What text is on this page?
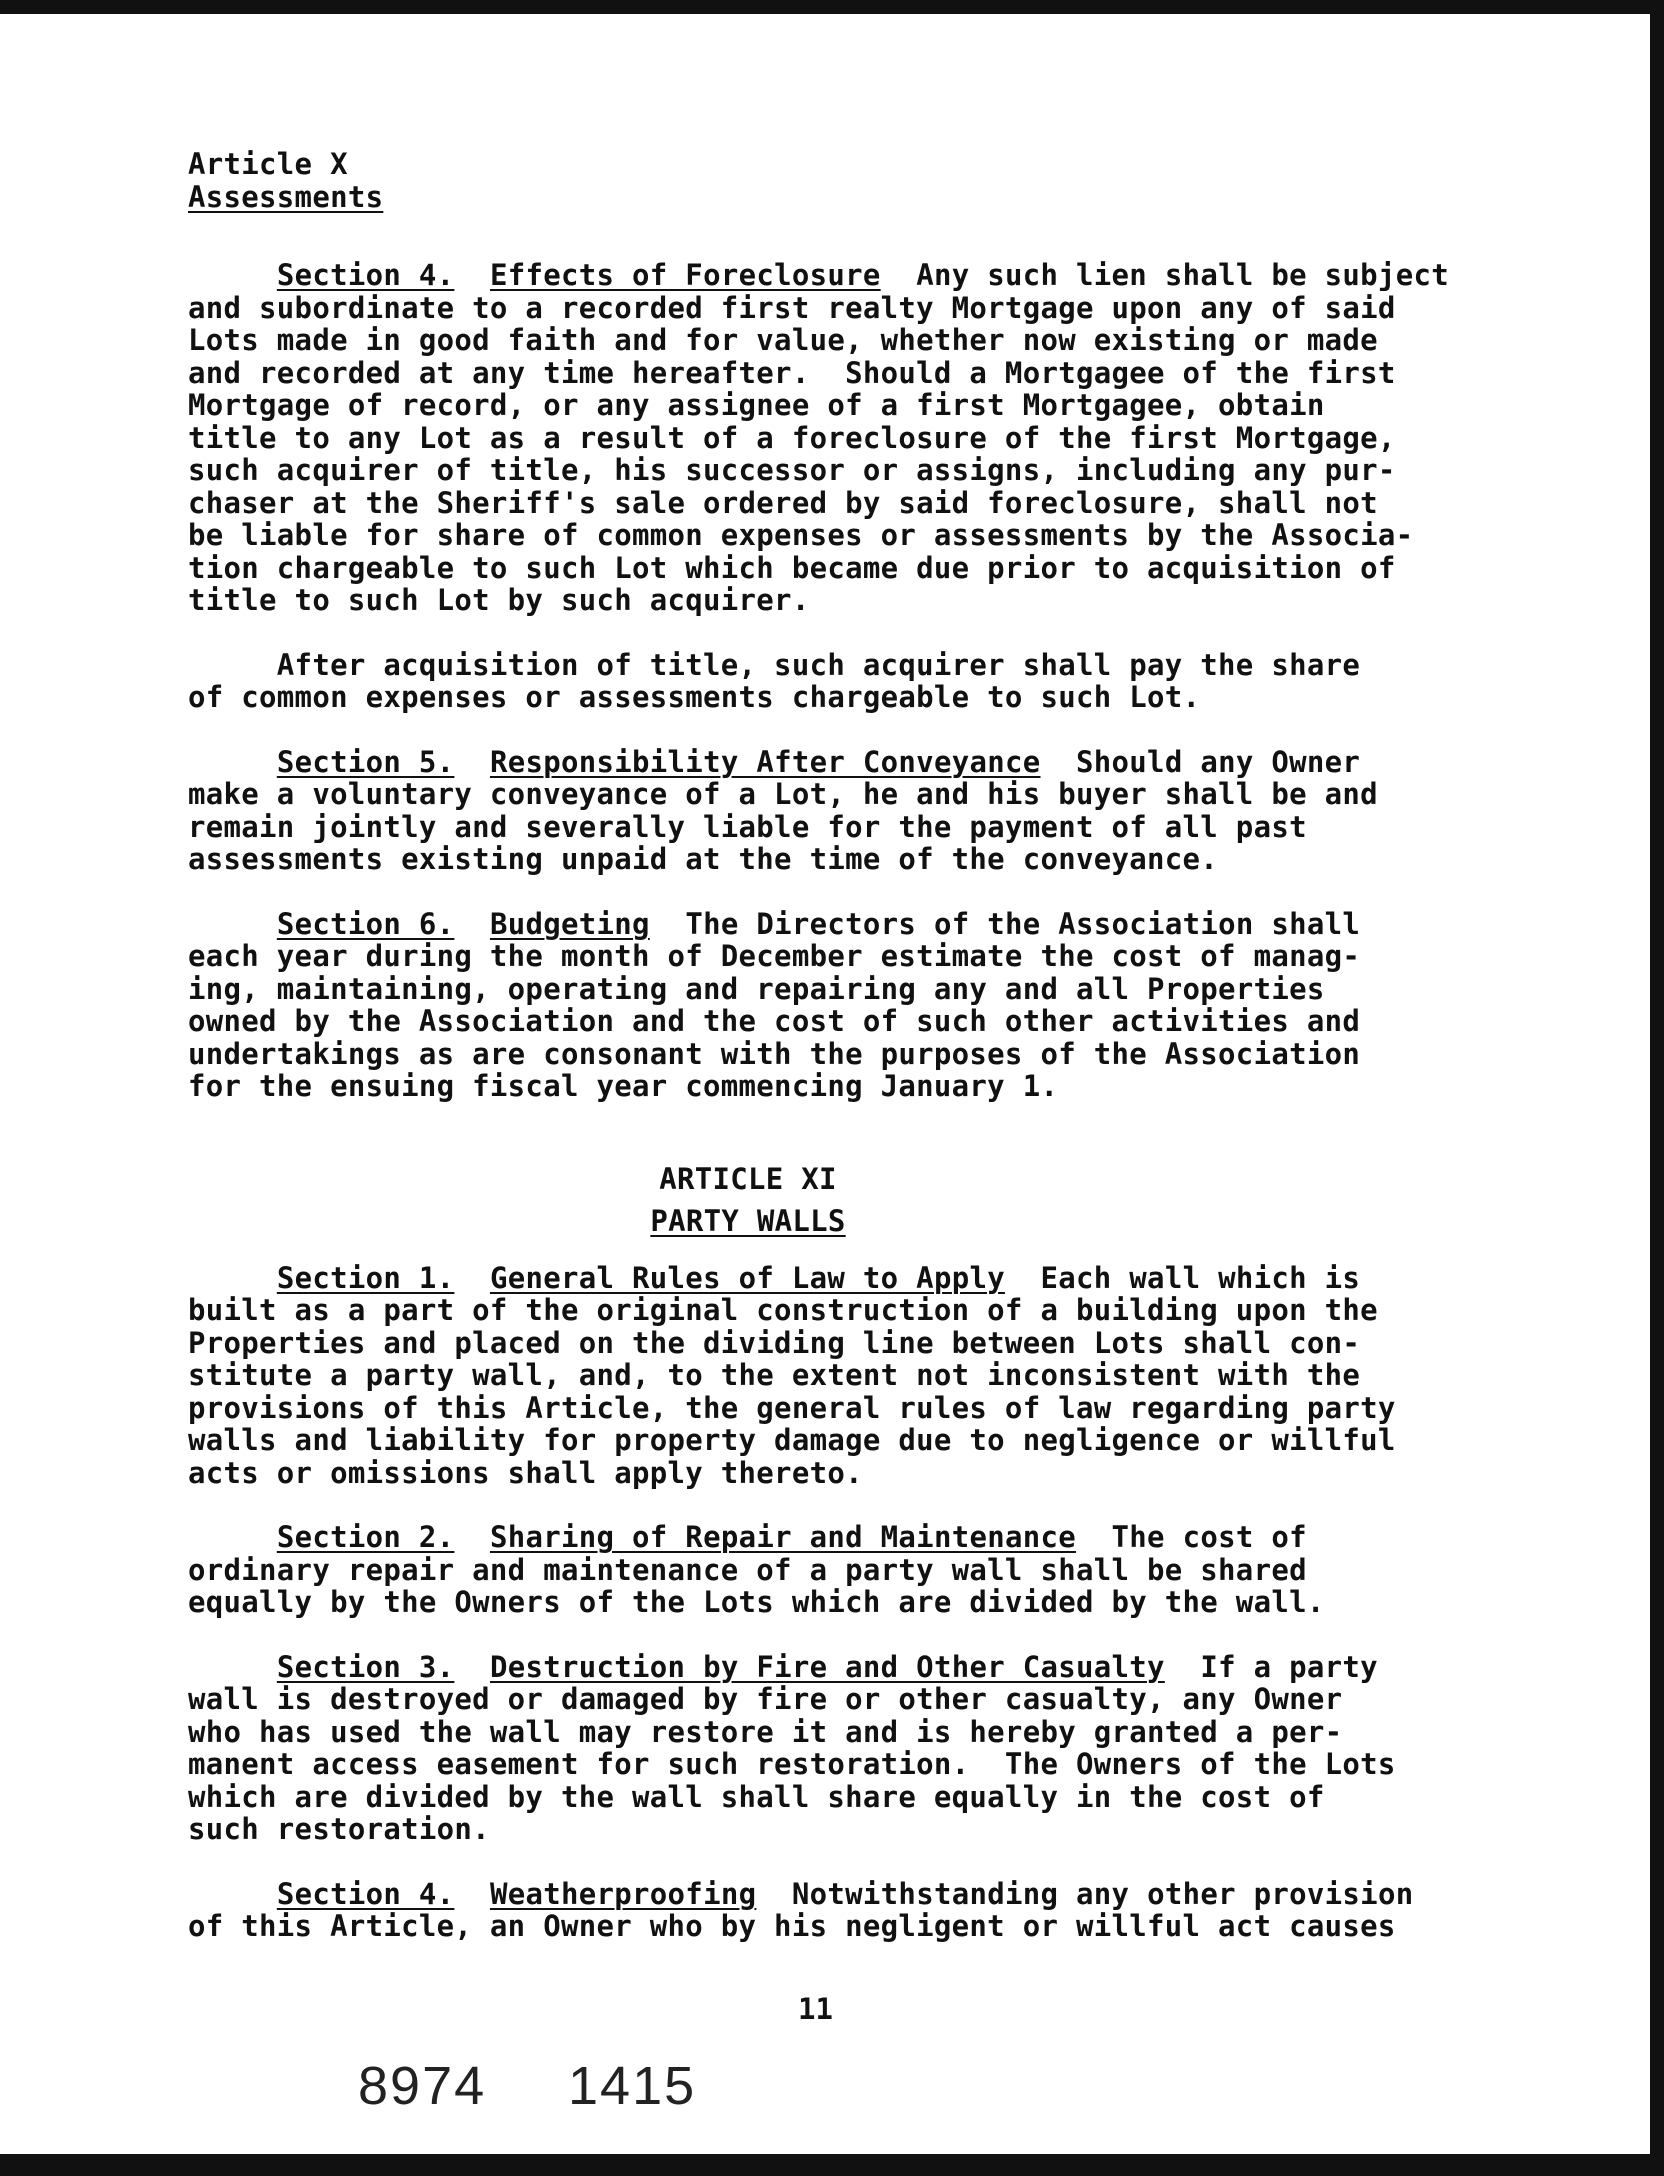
Article X
Assessments
Section 4. Effects of Foreclosure  Any such lien shall be subject
and subordinate to a recorded first realty Mortgage upon any of said
Lots made in good faith and for value, whether now existing or made
and recorded at any time hereafter.  Should a Mortgagee of the first
Mortgage of record, or any assignee of a first Mortgagee, obtain
title to any Lot as a result of a foreclosure of the first Mortgage,
such acquirer of title, his successor or assigns, including any pur-
chaser at the Sheriff's sale ordered by said foreclosure, shall not
be liable for share of common expenses or assessments by the Associa-
tion chargeable to such Lot which became due prior to acquisition of
title to such Lot by such acquirer.
After acquisition of title, such acquirer shall pay the share
of common expenses or assessments chargeable to such Lot.
Section 5. Responsibility After Conveyance  Should any Owner
make a voluntary conveyance of a Lot, he and his buyer shall be and
remain jointly and severally liable for the payment of all past
assessments existing unpaid at the time of the conveyance.
Section 6. Budgeting  The Directors of the Association shall
each year during the month of December estimate the cost of manag-
ing, maintaining, operating and repairing any and all Properties
owned by the Association and the cost of such other activities and
undertakings as are consonant with the purposes of the Association
for the ensuing fiscal year commencing January 1.
ARTICLE XI
PARTY WALLS
Section 1. General Rules of Law to Apply  Each wall which is
built as a part of the original construction of a building upon the
Properties and placed on the dividing line between Lots shall con-
stitute a party wall, and, to the extent not inconsistent with the
provisions of this Article, the general rules of law regarding party
walls and liability for property damage due to negligence or willful
acts or omissions shall apply thereto.
Section 2. Sharing of Repair and Maintenance  The cost of
ordinary repair and maintenance of a party wall shall be shared
equally by the Owners of the Lots which are divided by the wall.
Section 3. Destruction by Fire and Other Casualty  If a party
wall is destroyed or damaged by fire or other casualty, any Owner
who has used the wall may restore it and is hereby granted a per-
manent access easement for such restoration.  The Owners of the Lots
which are divided by the wall shall share equally in the cost of
such restoration.
Section 4. Weatherproofing  Notwithstanding any other provision
of this Article, an Owner who by his negligent or willful act causes
11
8974 1415
